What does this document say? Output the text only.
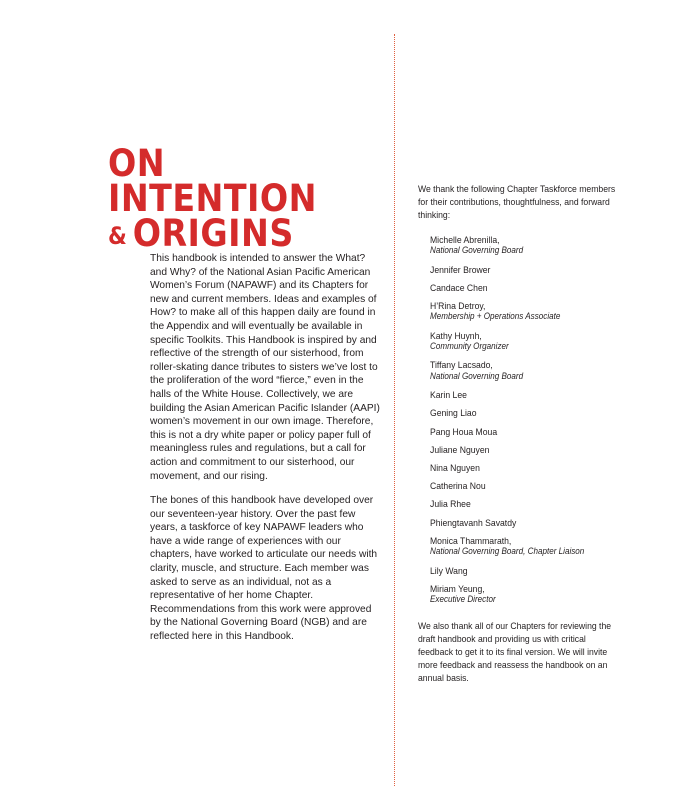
ON
INTENTION
& ORIGINS

This handbook is intended to answer the What? and Why? of the National Asian Pacific American Women’s Forum (NAPAWF) and its Chapters for new and current members. Ideas and examples of How? to make all of this happen daily are found in the Appendix and will eventually be available in specific Toolkits. This Handbook is inspired by and reflective of the strength of our sisterhood, from roller-skating dance tributes to sisters we’ve lost to the proliferation of the word “fierce,” even in the halls of the White House. Collectively, we are building the Asian American Pacific Islander (AAPI) women’s movement in our own image. Therefore, this is not a dry white paper or policy paper full of meaningless rules and regulations, but a call for action and commitment to our sisterhood, our movement, and our rising.

The bones of this handbook have developed over our seventeen-year history. Over the past few years, a taskforce of key NAPAWF leaders who have a wide range of experiences with our chapters, have worked to articulate our needs with clarity, muscle, and structure. Each member was asked to serve as an individual, not as a representative of her home Chapter. Recommendations from this work were approved by the National Governing Board (NGB) and are reflected here in this Handbook.

We thank the following Chapter Taskforce members for their contributions, thoughtfulness, and forward thinking:

Michelle Abrenilla,
National Governing Board
Jennifer Brower
Candace Chen
H’Rina Detroy,
Membership + Operations Associate
Kathy Huynh,
Community Organizer
Tiffany Lacsado,
National Governing Board
Karin Lee
Gening Liao
Pang Houa Moua
Juliane Nguyen
Nina Nguyen
Catherina Nou
Julia Rhee
Phiengtavanh Savatdy
Monica Thammarath,
National Governing Board, Chapter Liaison
Lily Wang
Miriam Yeung,
Executive Director

We also thank all of our Chapters for reviewing the draft handbook and providing us with critical feedback to get it to its final version. We will invite more feedback and reassess the handbook on an annual basis.
